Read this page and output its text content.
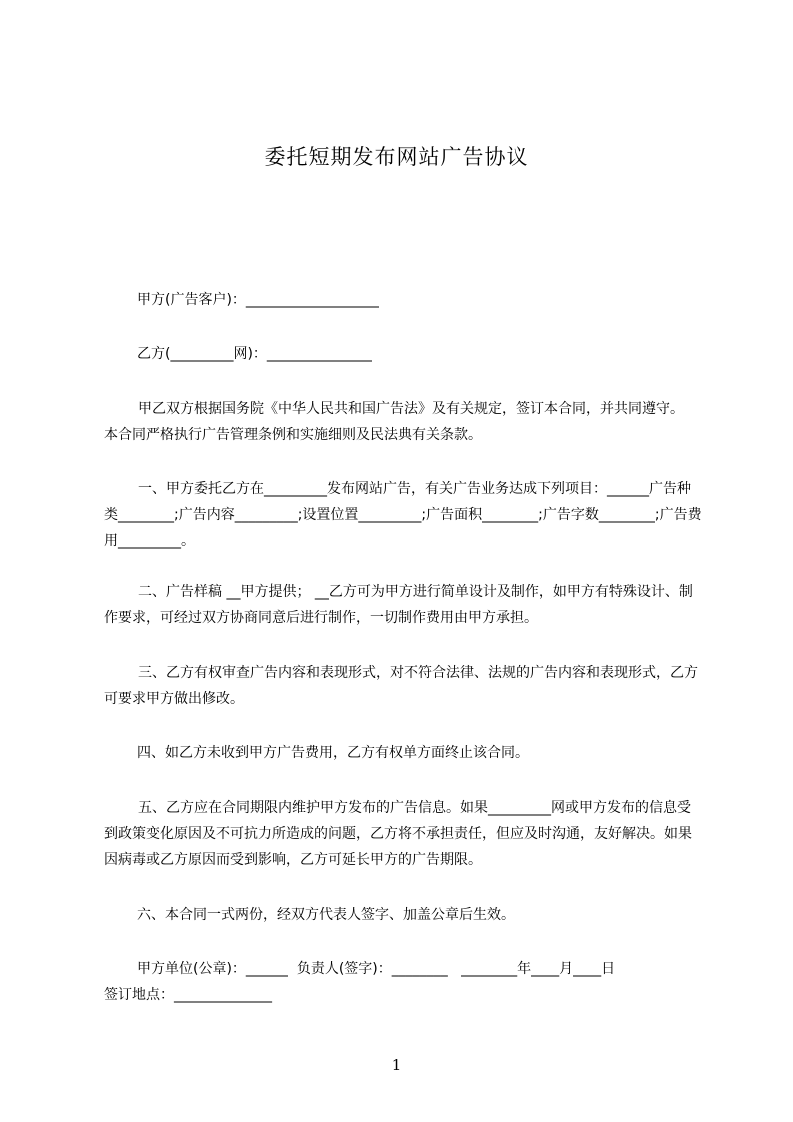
委托短期发布网站广告协议
甲方(广告客户)：___________________
乙方(_________网)：_______________
甲乙双方根据国务院《中华人民共和国广告法》及有关规定，签订本合同，并共同遵守。 本合同严格执行广告管理条例和实施细则及民法典有关条款。
一、甲方委托乙方在_________发布网站广告，有关广告业务达成下列项目：______广告种类________;广告内容_________;设置位置_________;广告面积________;广告字数________;广告费用_________。
二、广告样稿 __甲方提供； __乙方可为甲方进行简单设计及制作，如甲方有特殊设计、制作要求，可经过双方协商同意后进行制作，一切制作费用由甲方承担。
三、乙方有权审查广告内容和表现形式，对不符合法律、法规的广告内容和表现形式，乙方可要求甲方做出修改。
四、如乙方未收到甲方广告费用，乙方有权单方面终止该合同。
五、乙方应在合同期限内维护甲方发布的广告信息。如果_________网或甲方发布的信息受到政策变化原因及不可抗力所造成的问题，乙方将不承担责任，但应及时沟通，友好解决。如果因病毒或乙方原因而受到影响，乙方可延长甲方的广告期限。
六、本合同一式两份，经双方代表人签字、加盖公章后生效。
甲方单位(公章)：______  负责人(签字)：________   ________年____月____日
签订地点：______________
1
